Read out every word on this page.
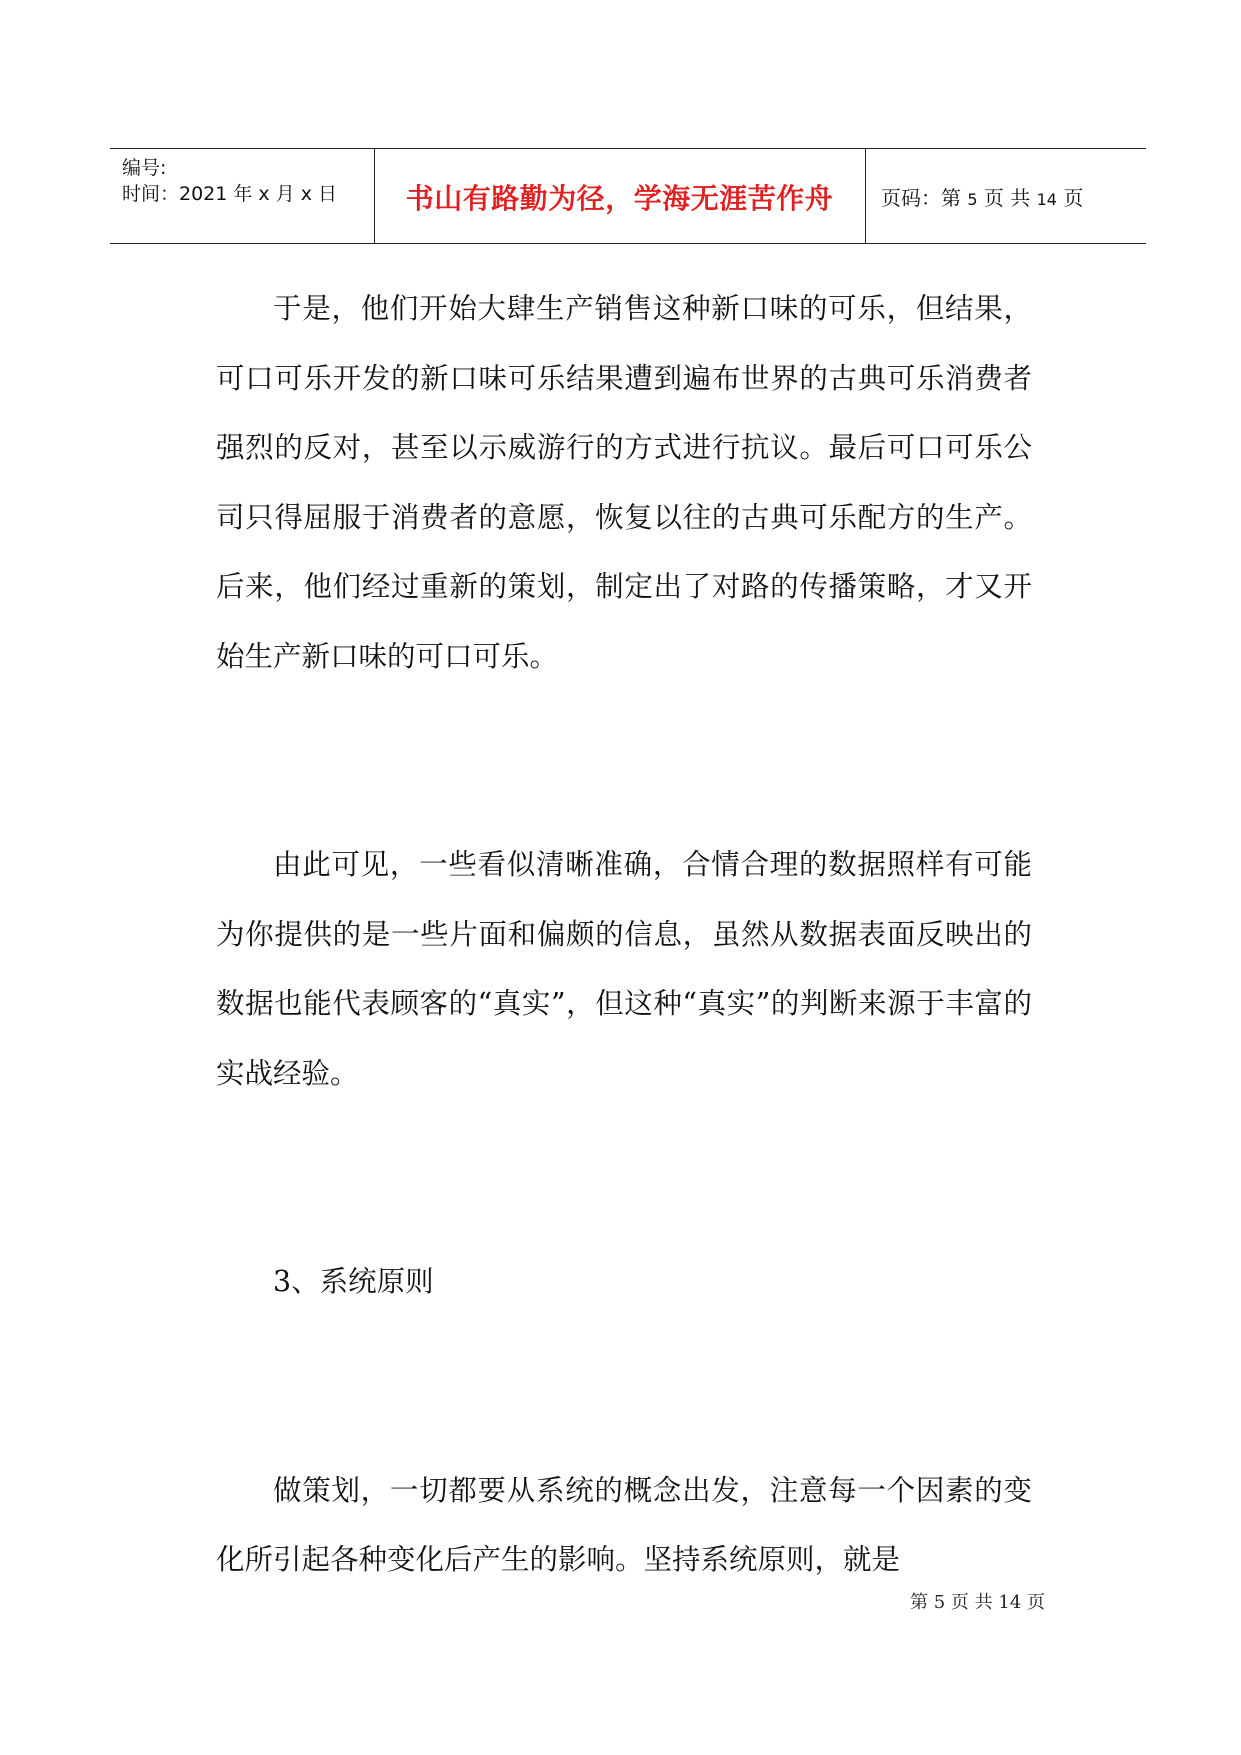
编号:
时间：2021 年 x 月 x 日	书山有路勤为径，学海无涯苦作舟	页码：第 5 页 共 14 页

于是，他们开始大肆生产销售这种新口味的可乐，但结果，可口可乐开发的新口味可乐结果遭到遍布世界的古典可乐消费者强烈的反对，甚至以示威游行的方式进行抗议。最后可口可乐公司只得屈服于消费者的意愿，恢复以往的古典可乐配方的生产。后来，他们经过重新的策划，制定出了对路的传播策略，才又开始生产新口味的可口可乐。

由此可见，一些看似清晰准确，合情合理的数据照样有可能为你提供的是一些片面和偏颇的信息，虽然从数据表面反映出的数据也能代表顾客的“真实”，但这种“真实”的判断来源于丰富的实战经验。

3、系统原则

做策划，一切都要从系统的概念出发，注意每一个因素的变化所引起各种变化后产生的影响。坚持系统原则，就是

第 5 页 共 14 页
